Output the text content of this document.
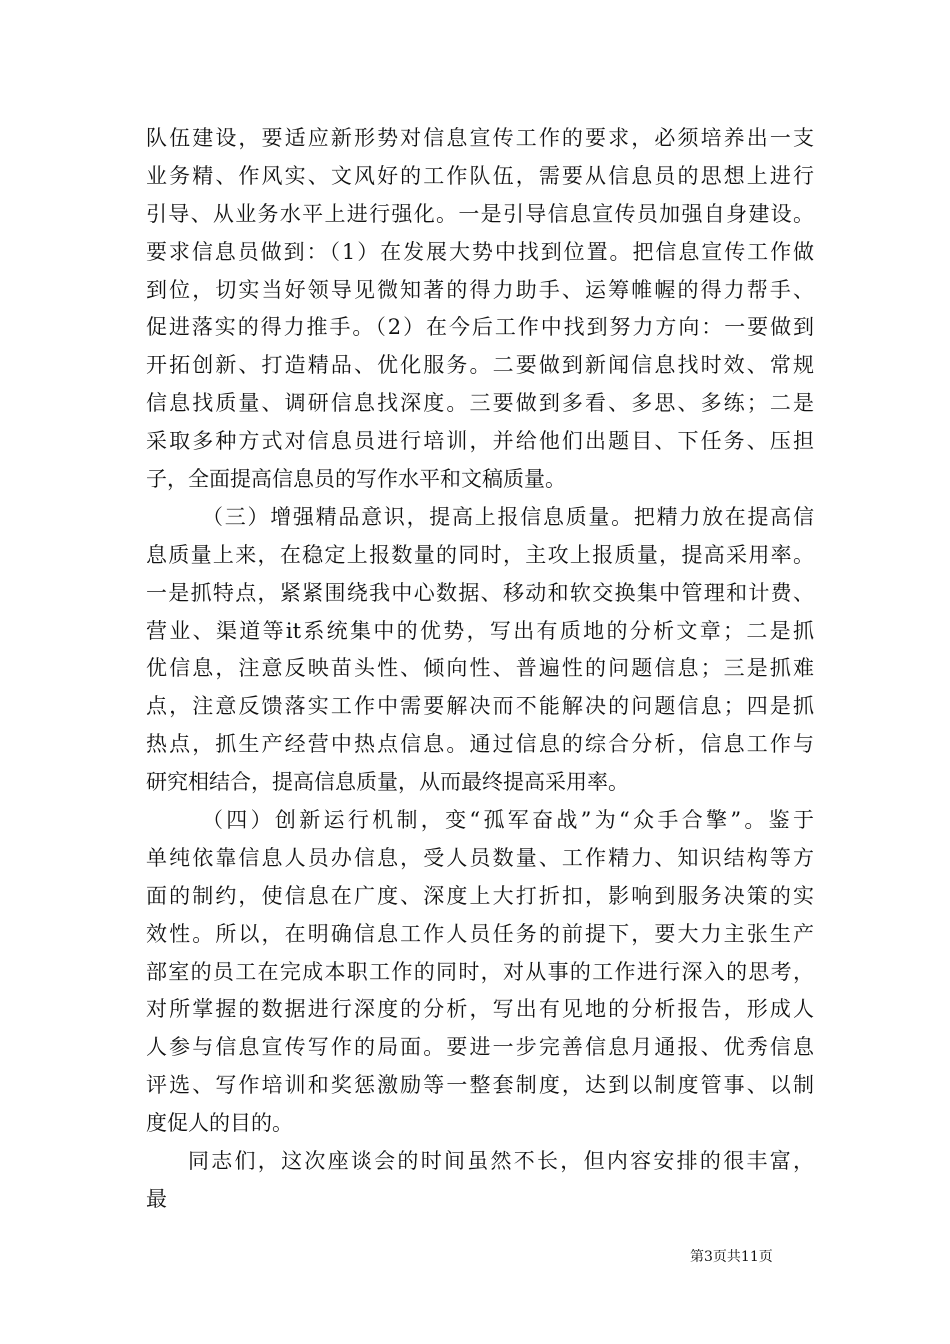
队伍建设，要适应新形势对信息宣传工作的要求，必须培养出一支
业务精、作风实、文风好的工作队伍，需要从信息员的思想上进行
引导、从业务水平上进行强化。一是引导信息宣传员加强自身建设。
要求信息员做到：（1）在发展大势中找到位置。把信息宣传工作做
到位，切实当好领导见微知著的得力助手、运筹帷幄的得力帮手、
促进落实的得力推手。（2）在今后工作中找到努力方向：一要做到
开拓创新、打造精品、优化服务。二要做到新闻信息找时效、常规
信息找质量、调研信息找深度。三要做到多看、多思、多练；二是
采取多种方式对信息员进行培训，并给他们出题目、下任务、压担
子，全面提高信息员的写作水平和文稿质量。
（三）增强精品意识，提高上报信息质量。把精力放在提高信
息质量上来，在稳定上报数量的同时，主攻上报质量，提高采用率。
一是抓特点，紧紧围绕我中心数据、移动和软交换集中管理和计费、
营业、渠道等it系统集中的优势，写出有质地的分析文章；二是抓
优信息，注意反映苗头性、倾向性、普遍性的问题信息；三是抓难
点，注意反馈落实工作中需要解决而不能解决的问题信息；四是抓
热点，抓生产经营中热点信息。通过信息的综合分析，信息工作与
研究相结合，提高信息质量，从而最终提高采用率。
（四）创新运行机制，变“孤军奋战”为“众手合擎”。鉴于
单纯依靠信息人员办信息，受人员数量、工作精力、知识结构等方
面的制约，使信息在广度、深度上大打折扣，影响到服务决策的实
效性。所以，在明确信息工作人员任务的前提下，要大力主张生产
部室的员工在完成本职工作的同时，对从事的工作进行深入的思考，
对所掌握的数据进行深度的分析，写出有见地的分析报告，形成人
人参与信息宣传写作的局面。要进一步完善信息月通报、优秀信息
评选、写作培训和奖惩激励等一整套制度，达到以制度管事、以制
度促人的目的。
同志们，这次座谈会的时间虽然不长，但内容安排的很丰富，
最
第3页共11页
